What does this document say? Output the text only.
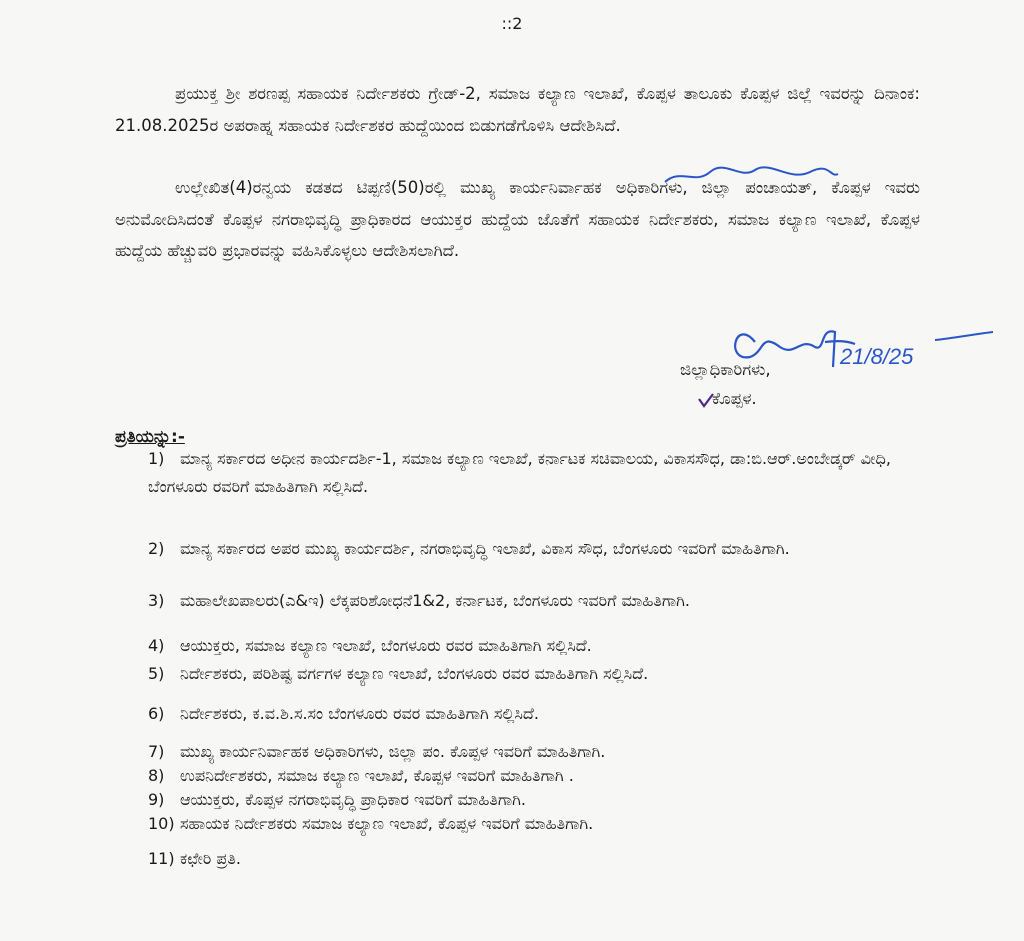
::2
ಪ್ರಯುಕ್ತ ಶ್ರೀ ಶರಣಪ್ಪ ಸಹಾಯಕ ನಿರ್ದೇಶಕರು ಗ್ರೇಡ್-2, ಸಮಾಜ ಕಲ್ಯಾಣ ಇಲಾಖೆ, ಕೊಪ್ಪಳ ತಾಲೂಕು ಕೊಪ್ಪಳ ಜಿಲ್ಲೆ ಇವರನ್ನು ದಿನಾಂಕ: 21.08.2025ರ ಅಪರಾಹ್ನ ಸಹಾಯಕ ನಿರ್ದೇಶಕರ ಹುದ್ದೆಯಿಂದ ಬಿಡುಗಡೆಗೊಳಿಸಿ ಆದೇಶಿಸಿದೆ.
ಉಲ್ಲೇಖಿತ(4)ರನ್ವಯ ಕಡತದ ಟಿಪ್ಪಣಿ(50)ರಲ್ಲಿ ಮುಖ್ಯ ಕಾರ್ಯನಿರ್ವಾಹಕ ಅಧಿಕಾರಿಗಳು, ಜಿಲ್ಲಾ ಪಂಚಾಯತ್, ಕೊಪ್ಪಳ ಇವರು ಅನುಮೋದಿಸಿದಂತೆ ಕೊಪ್ಪಳ ನಗರಾಭಿವೃದ್ಧಿ ಪ್ರಾಧಿಕಾರದ ಆಯುಕ್ತರ ಹುದ್ದೆಯ ಜೊತೆಗೆ ಸಹಾಯಕ ನಿರ್ದೇಶಕರು, ಸಮಾಜ ಕಲ್ಯಾಣ ಇಲಾಖೆ, ಕೊಪ್ಪಳ ಹುದ್ದೆಯ ಹೆಚ್ಚುವರಿ ಪ್ರಭಾರವನ್ನು ವಹಿಸಿಕೊಳ್ಳಲು ಆದೇಶಿಸಲಾಗಿದೆ.
21/8/25
ಜಿಲ್ಲಾಧಿಕಾರಿಗಳು,
ಕೊಪ್ಪಳ.
ಪ್ರತಿಯನ್ನು:-
1) ಮಾನ್ಯ ಸರ್ಕಾರದ ಅಧೀನ ಕಾರ್ಯದರ್ಶಿ-1, ಸಮಾಜ ಕಲ್ಯಾಣ ಇಲಾಖೆ, ಕರ್ನಾಟಕ ಸಚಿವಾಲಯ, ವಿಕಾಸಸೌಧ, ಡಾ:ಬಿ.ಆರ್.ಅಂಬೇಡ್ಕರ್ ವೀಧಿ, ಬೆಂಗಳೂರು ರವರಿಗೆ ಮಾಹಿತಿಗಾಗಿ ಸಲ್ಲಿಸಿದೆ.
2) ಮಾನ್ಯ ಸರ್ಕಾರದ ಅಪರ ಮುಖ್ಯ ಕಾರ್ಯದರ್ಶಿ, ನಗರಾಭಿವೃದ್ಧಿ ಇಲಾಖೆ, ವಿಕಾಸ ಸೌಧ, ಬೆಂಗಳೂರು ಇವರಿಗೆ ಮಾಹಿತಿಗಾಗಿ.
3) ಮಹಾಲೇಖಪಾಲರು(ಎ&ಇ) ಲೆಕ್ಕಪರಿಶೋಧನೆ1&2, ಕರ್ನಾಟಕ, ಬೆಂಗಳೂರು ಇವರಿಗೆ ಮಾಹಿತಿಗಾಗಿ.
4) ಆಯುಕ್ತರು, ಸಮಾಜ ಕಲ್ಯಾಣ ಇಲಾಖೆ, ಬೆಂಗಳೂರು ರವರ ಮಾಹಿತಿಗಾಗಿ ಸಲ್ಲಿಸಿದೆ.
5) ನಿರ್ದೇಶಕರು, ಪರಿಶಿಷ್ಟ ವರ್ಗಗಳ ಕಲ್ಯಾಣ ಇಲಾಖೆ, ಬೆಂಗಳೂರು ರವರ ಮಾಹಿತಿಗಾಗಿ ಸಲ್ಲಿಸಿದೆ.
6) ನಿರ್ದೇಶಕರು, ಕ.ವ.ಶಿ.ಸ.ಸಂ ಬೆಂಗಳೂರು ರವರ ಮಾಹಿತಿಗಾಗಿ ಸಲ್ಲಿಸಿದೆ.
7) ಮುಖ್ಯ ಕಾರ್ಯನಿರ್ವಾಹಕ ಅಧಿಕಾರಿಗಳು, ಜಿಲ್ಲಾ ಪಂ. ಕೊಪ್ಪಳ ಇವರಿಗೆ ಮಾಹಿತಿಗಾಗಿ.
8) ಉಪನಿರ್ದೇಶಕರು, ಸಮಾಜ ಕಲ್ಯಾಣ ಇಲಾಖೆ, ಕೊಪ್ಪಳ ಇವರಿಗೆ ಮಾಹಿತಿಗಾಗಿ .
9) ಆಯುಕ್ತರು, ಕೊಪ್ಪಳ ನಗರಾಭಿವೃದ್ಧಿ ಪ್ರಾಧಿಕಾರ ಇವರಿಗೆ ಮಾಹಿತಿಗಾಗಿ.
10) ಸಹಾಯಕ ನಿರ್ದೇಶಕರು ಸಮಾಜ ಕಲ್ಯಾಣ ಇಲಾಖೆ, ಕೊಪ್ಪಳ ಇವರಿಗೆ ಮಾಹಿತಿಗಾಗಿ.
11) ಕಛೇರಿ ಪ್ರತಿ.
